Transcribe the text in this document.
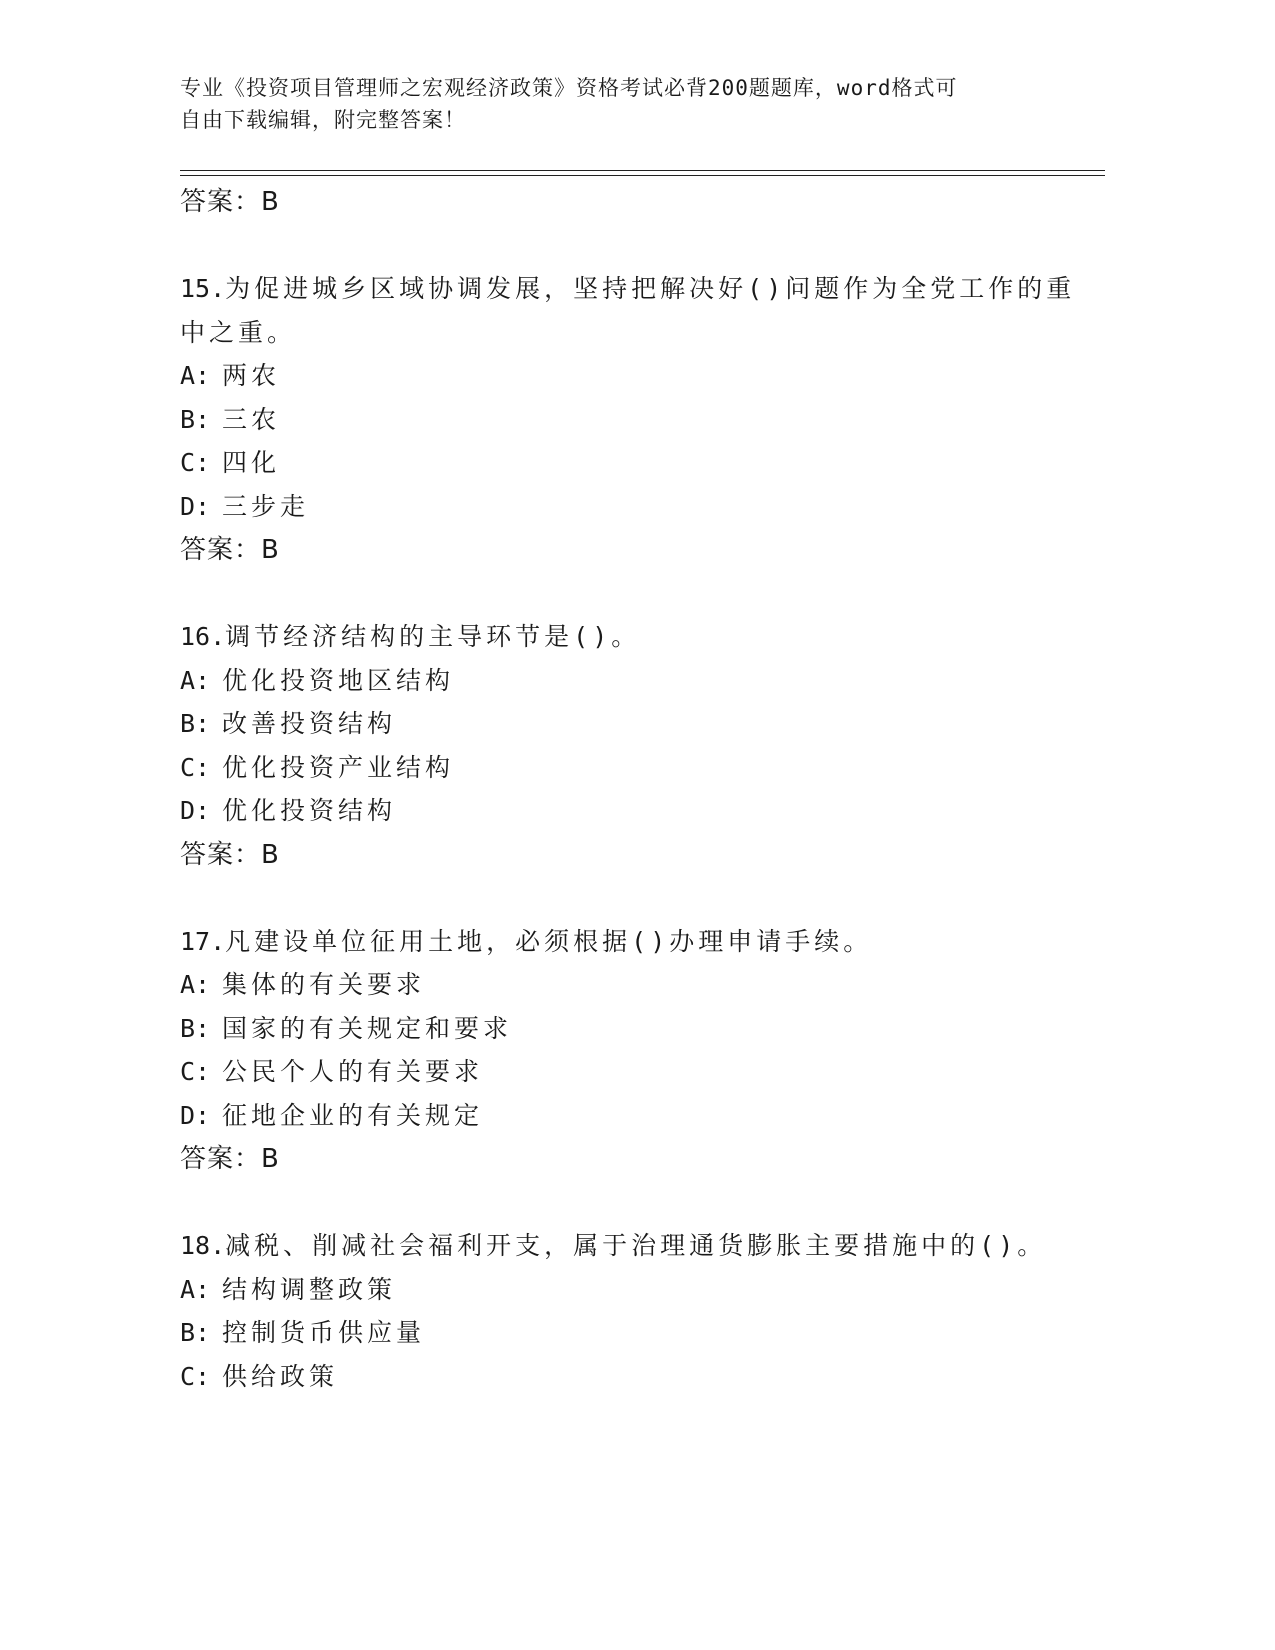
专业《投资项目管理师之宏观经济政策》资格考试必背200题题库，word格式可
自由下载编辑，附完整答案！
答案：B

15.为促进城乡区域协调发展，坚持把解决好()问题作为全党工作的重
中之重。

A: 两农
B: 三农
C: 四化
D: 三步走
答案：B

16.调节经济结构的主导环节是()。

A: 优化投资地区结构
B: 改善投资结构
C: 优化投资产业结构
D: 优化投资结构
答案：B

17.凡建设单位征用土地，必须根据()办理申请手续。

A: 集体的有关要求
B: 国家的有关规定和要求
C: 公民个人的有关要求
D: 征地企业的有关规定
答案：B

18.减税、削减社会福利开支，属于治理通货膨胀主要措施中的()。

A: 结构调整政策
B: 控制货币供应量
C: 供给政策
